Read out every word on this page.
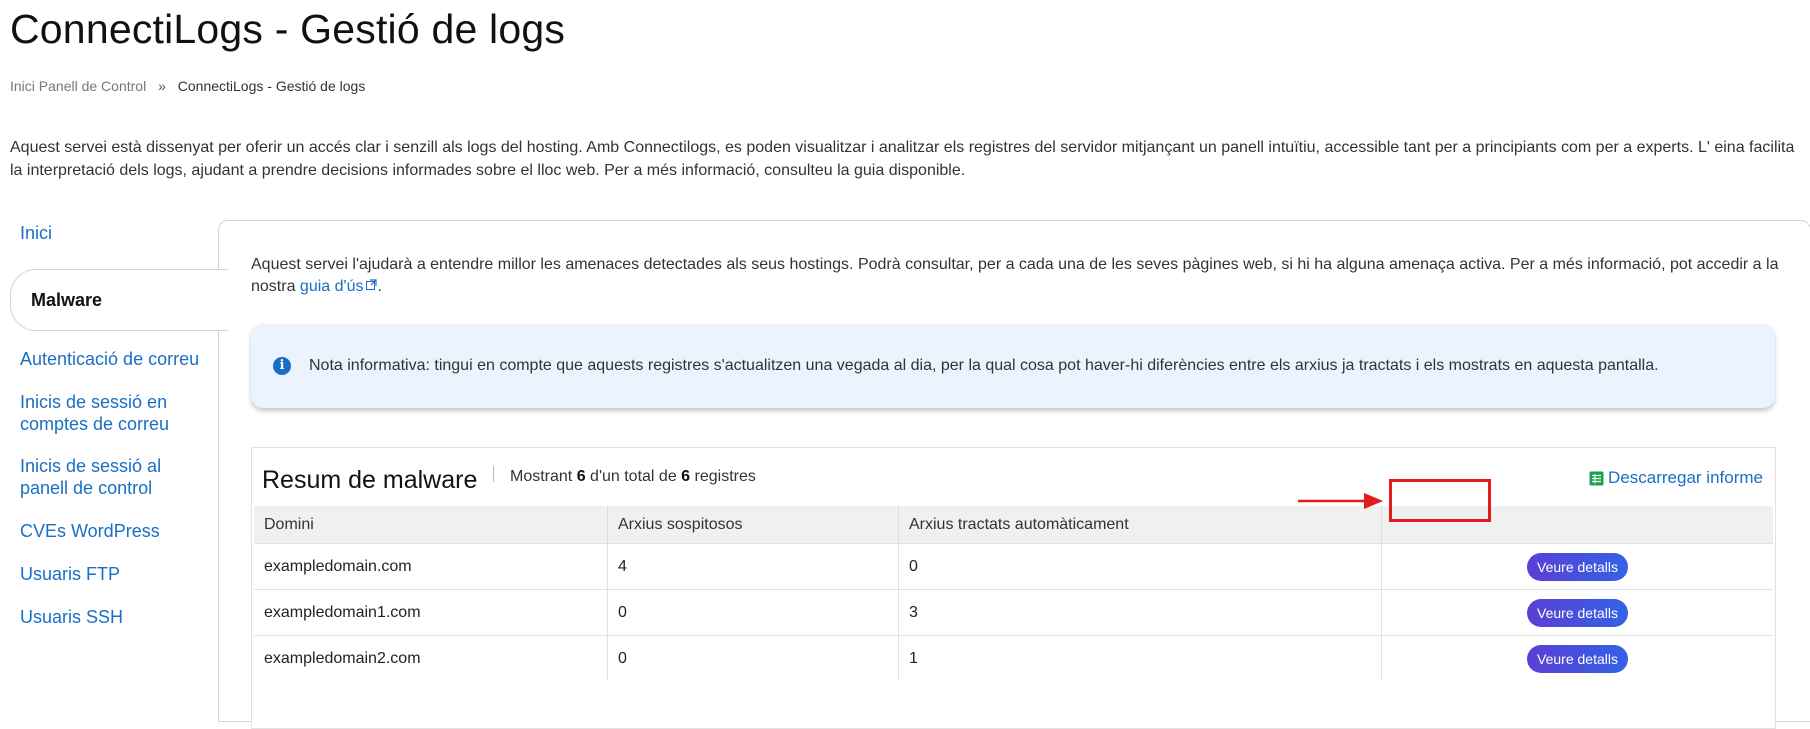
ConnectiLogs - Gestió de logs
Inici Panell de Control » ConnectiLogs - Gestió de logs
Aquest servei està dissenyat per oferir un accés clar i senzill als logs del hosting. Amb Connectilogs, es poden visualitzar i analitzar els registres del servidor mitjançant un panell intuïtiu, accessible tant per a principiants com per a experts. L' eina facilita la interpretació dels logs, ajudant a prendre decisions informades sobre el lloc web. Per a més informació, consulteu la guia disponible.
Inici
Malware
Autenticació de correu
Inicis de sessió en comptes de correu
Inicis de sessió al panell de control
CVEs WordPress
Usuaris FTP
Usuaris SSH
Aquest servei l'ajudarà a entendre millor les amenaces detectades als seus hostings. Podrà consultar, per a cada una de les seves pàgines web, si hi ha alguna amenaça activa. Per a més informació, pot accedir a la nostra guia d'ús .
i	Nota informativa: tingui en compte que aquests registres s'actualitzen una vegada al dia, per la qual cosa pot haver-hi diferències entre els arxius ja tractats i els mostrats en aquesta pantalla.
Resum de malware Mostrant 6 d'un total de 6 registres	Descarregar informe
Domini	Arxius sospitosos	Arxius tractats automàticament	
exampledomain.com	4	0	Veure detalls
exampledomain1.com	0	3	Veure detalls
exampledomain2.com	0	1	Veure detalls
